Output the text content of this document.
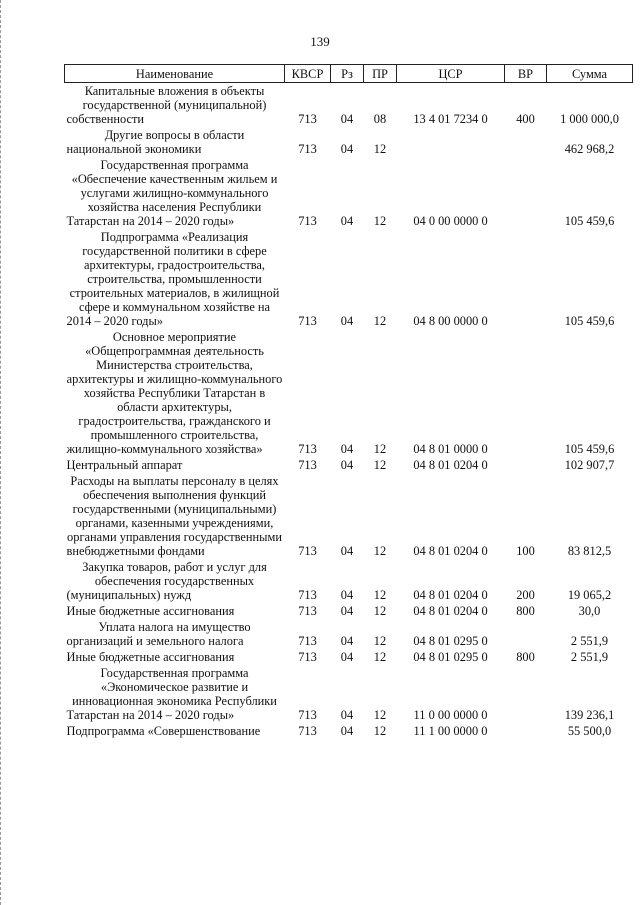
139
Наименование	КВСР	Рз	ПР	ЦСР	ВР	Сумма
Капитальные вложения в объекты государственной (муниципальной) собственности	713	04	08	13 4 01 7234 0	400	1 000 000,0
Другие вопросы в области национальной экономики	713	04	12			462 968,2
Государственная программа «Обеспечение качественным жильем и услугами жилищно-коммунального хозяйства населения Республики Татарстан на 2014 – 2020 годы»	713	04	12	04 0 00 0000 0		105 459,6
Подпрограмма «Реализация государственной политики в сфере архитектуры, градостроительства, строительства, промышленности строительных материалов, в жилищной сфере и коммунальном хозяйстве на 2014 – 2020 годы»	713	04	12	04 8 00 0000 0		105 459,6
Основное мероприятие «Общепрограммная деятельность Министерства строительства, архитектуры и жилищно-коммунального хозяйства Республики Татарстан в области архитектуры, градостроительства, гражданского и промышленного строительства, жилищно-коммунального хозяйства»	713	04	12	04 8 01 0000 0		105 459,6
Центральный аппарат	713	04	12	04 8 01 0204 0		102 907,7
Расходы на выплаты персоналу в целях обеспечения выполнения функций государственными (муниципальными) органами, казенными учреждениями, органами управления государственными внебюджетными фондами	713	04	12	04 8 01 0204 0	100	83 812,5
Закупка товаров, работ и услуг для обеспечения государственных (муниципальных) нужд	713	04	12	04 8 01 0204 0	200	19 065,2
Иные бюджетные ассигнования	713	04	12	04 8 01 0204 0	800	30,0
Уплата налога на имущество организаций и земельного налога	713	04	12	04 8 01 0295 0		2 551,9
Иные бюджетные ассигнования	713	04	12	04 8 01 0295 0	800	2 551,9
Государственная программа «Экономическое развитие и инновационная экономика Республики Татарстан на 2014 – 2020 годы»	713	04	12	11 0 00 0000 0		139 236,1
Подпрограмма «Совершенствование	713	04	12	11 1 00 0000 0		55 500,0
